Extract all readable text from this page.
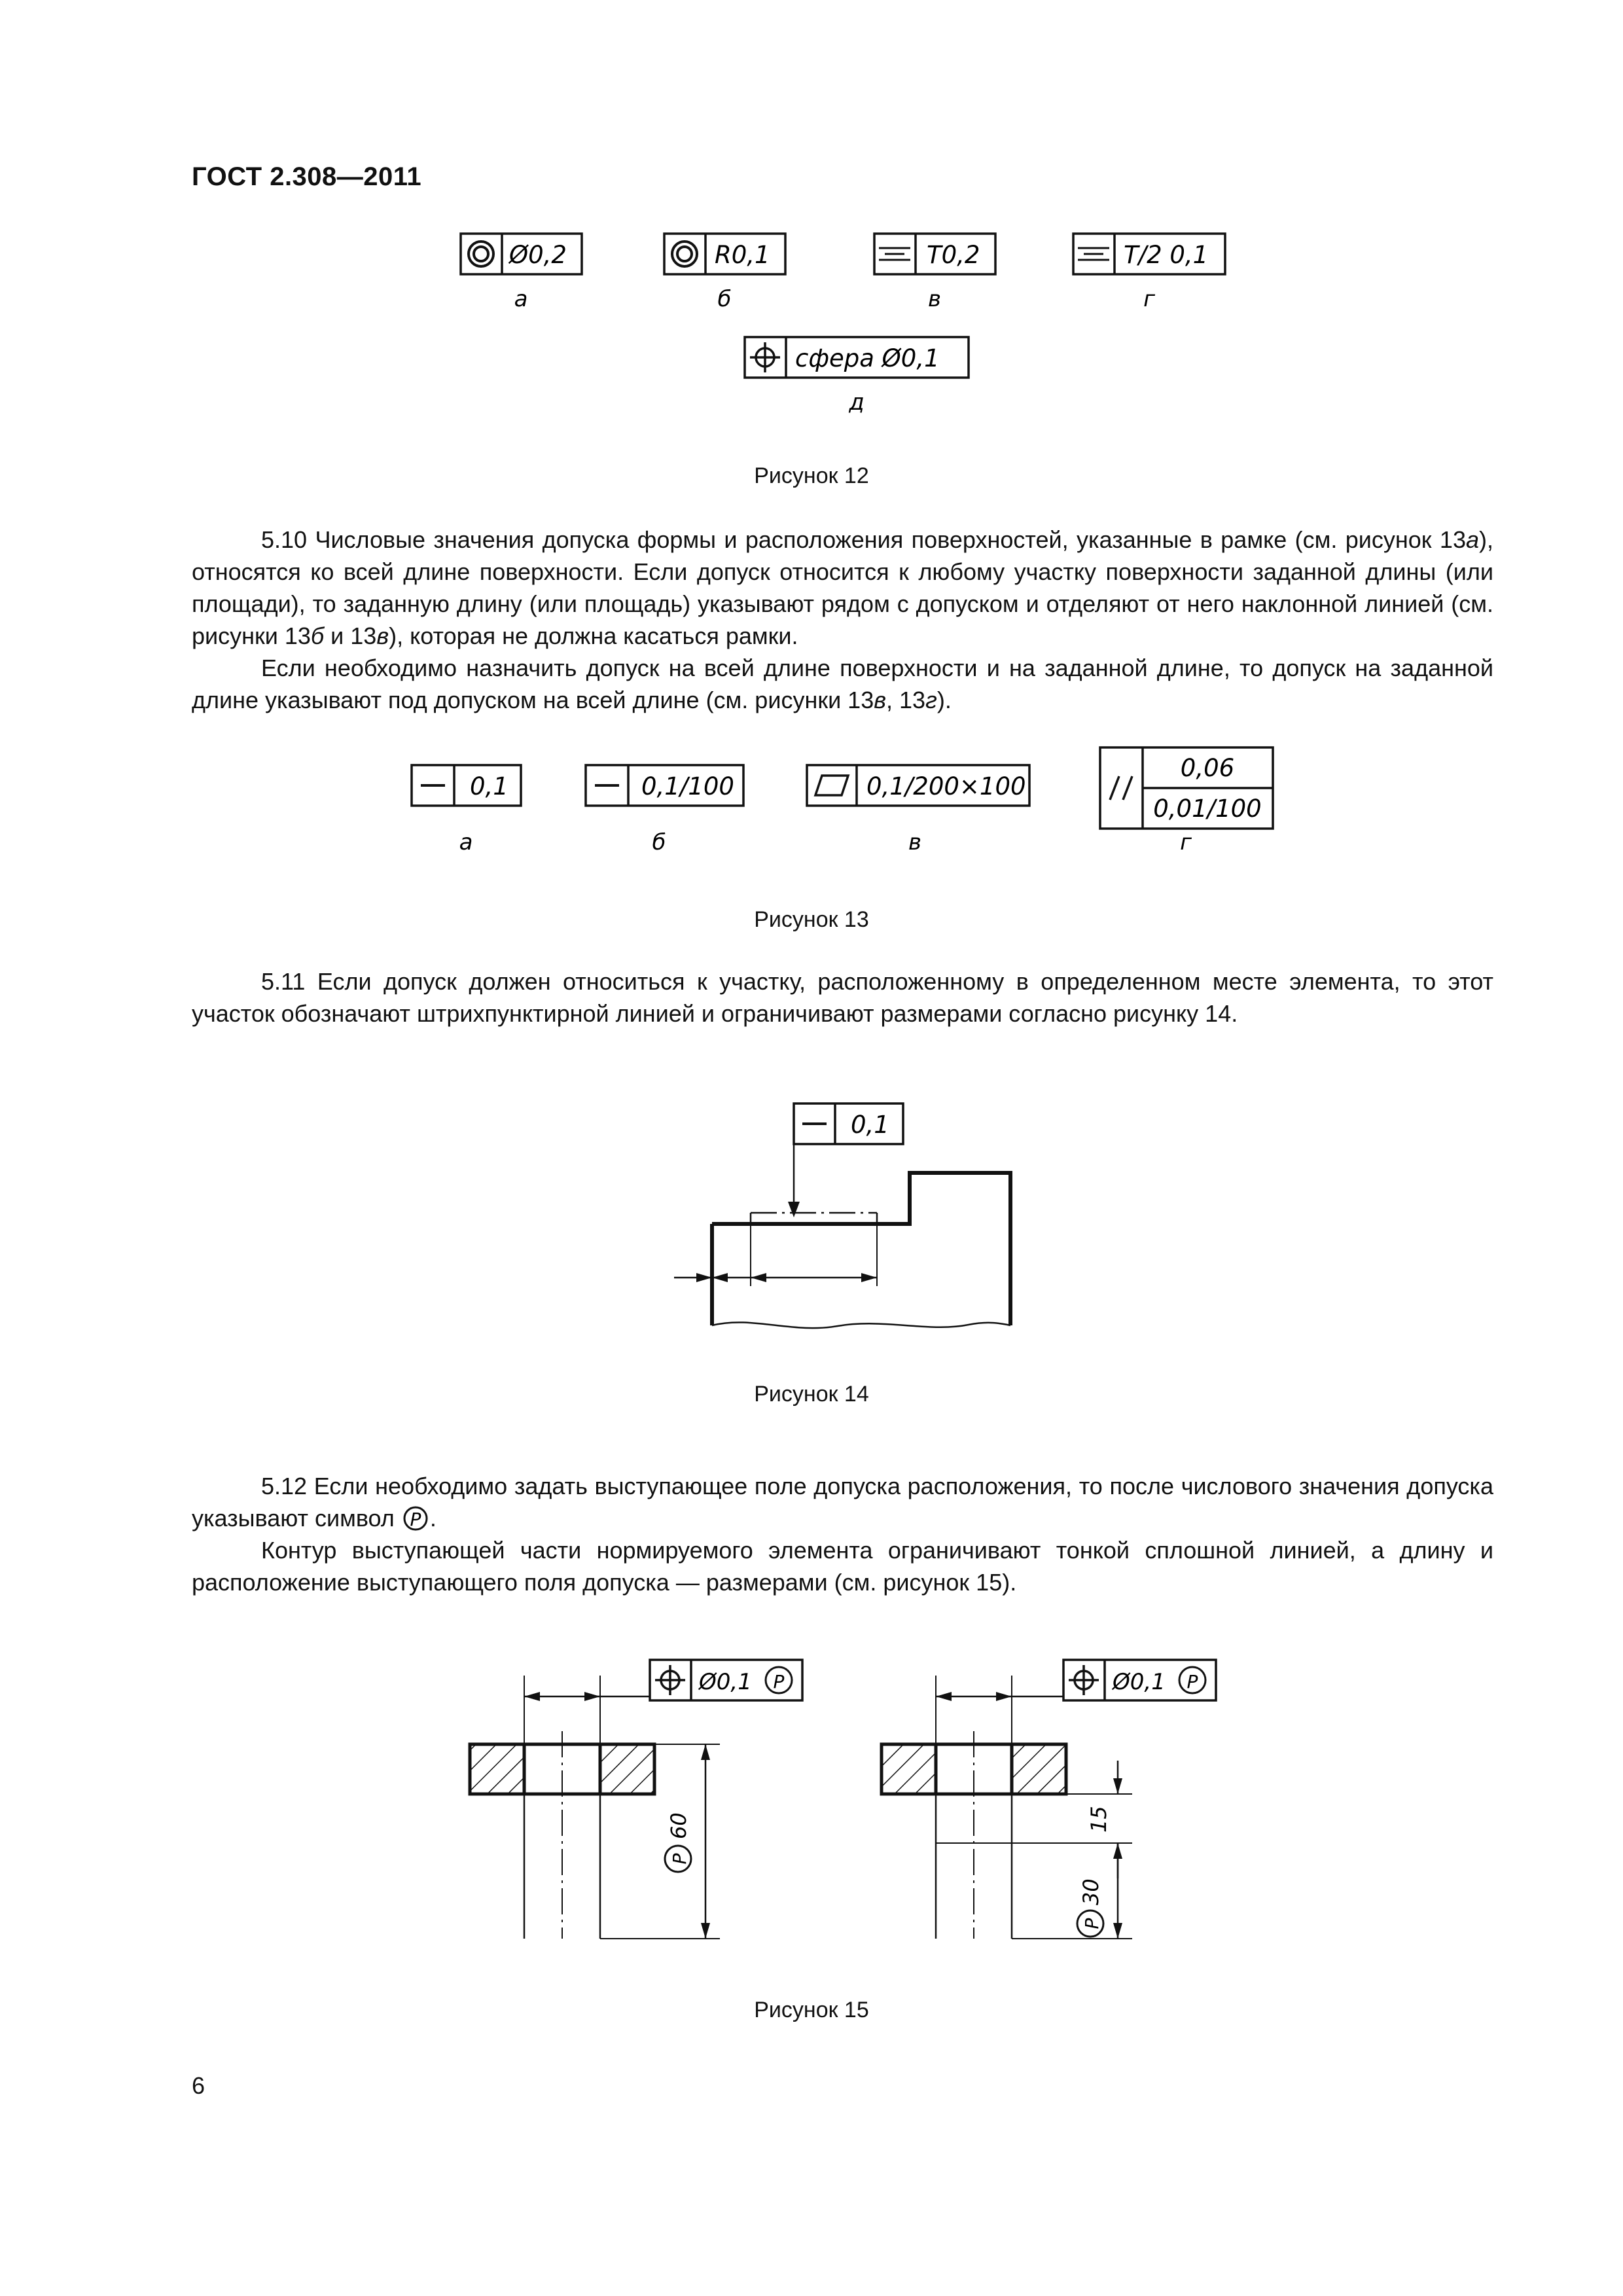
ГОСТ 2.308—2011
Ø0,2
а
R0,1
б
T0,2
в
T/2 0,1
г
сфера Ø0,1
д
Рисунок 12

5.10 Числовые значения допуска формы и расположения поверхностей, указанные в рамке (см. рисунок 13а), относятся ко всей длине поверхности. Если допуск относится к любому участку поверхности заданной длины (или площади), то заданную длину (или площадь) указывают рядом с допуском и отделяют от него наклонной линией (см. рисунки 13б и 13в), которая не должна касаться рамки.

Если необходимо назначить допуск на всей длине поверхности и на заданной длине, то допуск на заданной длине указывают под допуском на всей длине (см. рисунки 13в, 13г).

0,1
а
0,1/100
б
0,1/200×100
в
0,06
0,01/100
г
Рисунок 13

5.11 Если допуск должен относиться к участку, расположенному в определенном месте элемента, то этот участок обозначают штрихпунктирной линией и ограничивают размерами согласно рисунку 14.

0,1
Рисунок 14

5.12 Если необходимо задать выступающее поле допуска расположения, то после числового значения допуска указывают символ P .

Контур выступающей части нормируемого элемента ограничивают тонкой сплошной линией, а длину и расположение выступающего поля допуска — размерами (см. рисунок 15).

Ø0,1 P
P
60
Ø0,1 P
15
P
30
Рисунок 15
6
